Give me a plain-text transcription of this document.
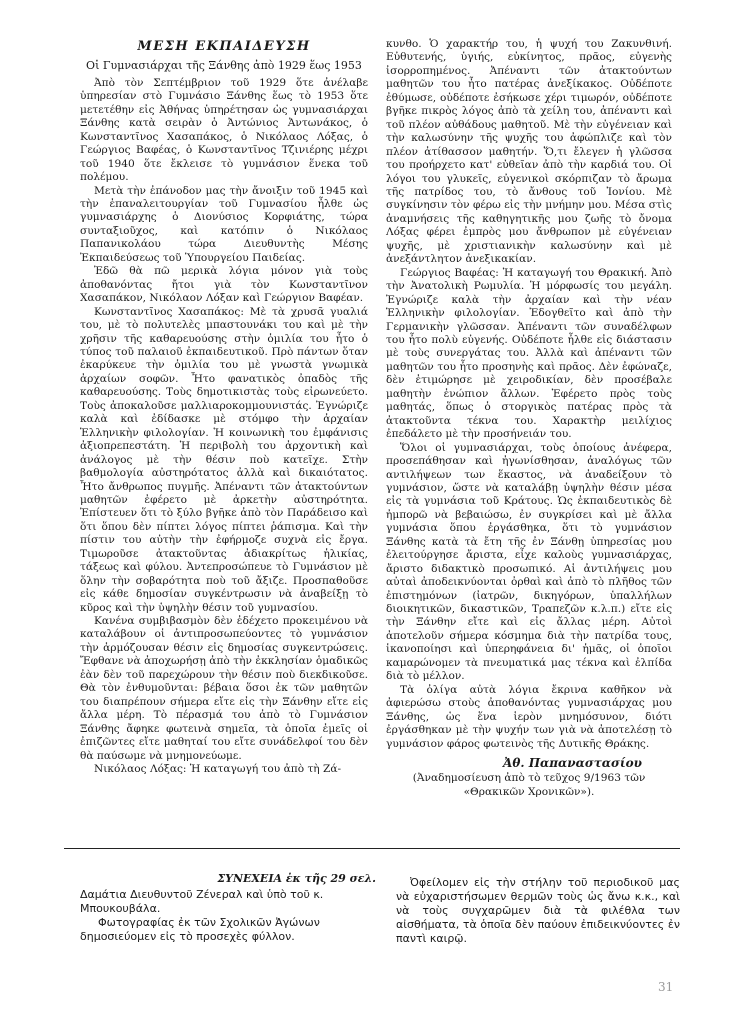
ΜΕΣΗ ΕΚΠΑΙΔΕΥΣΗ
Οἱ Γυμνασιάρχαι τῆς Ξάνθης ἀπὸ 1929 ἕως 1953

Ἀπὸ τὸν Σεπτέμβριον τοῦ 1929 ὅτε ἀνέλαβε ὑπηρεσίαν στὸ Γυμνάσιο Ξάνθης ἕως τὸ 1953 ὅτε μετετέθην εἰς Ἀθήνας ὑπηρέτησαν ὡς γυμνασιάρχαι Ξάνθης κατὰ σειρὰν ὁ Ἀντώνιος Ἀντωνάκος, ὁ Κωνσταντῖνος Χασαπάκος, ὁ Νικόλαος Λόξας, ὁ Γεώργιος Βαφέας, ὁ Κωνσταντῖνος Τζινιέρης μέχρι τοῦ 1940 ὅτε ἔκλεισε τὸ γυμνάσιον ἕνεκα τοῦ πολέμου.

Μετὰ τὴν ἐπάνοδον μας τὴν ἄνοιξιν τοῦ 1945 καὶ τὴν ἐπαναλειτουργίαν τοῦ Γυμνασίου ἦλθε ὡς γυμνασιάρχης ὁ Διονύσιος Κορφιάτης, τώρα συνταξιοῦχος, καὶ κατόπιν ὁ Νικόλαος Παπανικολάου τώρα Διευθυντὴς Μέσης Ἐκπαιδεύσεως τοῦ Ὑπουργείου Παιδείας.

Ἐδῶ θὰ πῶ μερικὰ λόγια μόνον γιὰ τοὺς ἀποθανόντας ἤτοι γιὰ τὸν Κωνσταντῖνον Χασαπάκον, Νικόλαον Λόξαν καὶ Γεώργιον Βαφέαν.

Κωνσταντῖνος Χασαπάκος: Μὲ τὰ χρυσᾶ γυαλιά του, μὲ τὸ πολυτελὲς μπαστουνάκι του καὶ μὲ τὴν χρῆσιν τῆς καθαρευούσης στὴν ὁμιλία του ἦτο ὁ τύπος τοῦ παλαιοῦ ἐκπαιδευτικοῦ. Πρὸ πάντων ὅταν ἐκαρύκευε τὴν ὁμιλία του μὲ γνωστὰ γνωμικὰ ἀρχαίων σοφῶν. Ἦτο φανατικὸς ὀπαδὸς τῆς καθαρευούσης. Τοὺς δημοτικιστὰς τοὺς εἰρωνεύετο. Τοὺς ἀποκαλοῦσε μαλλιαροκομμουνιστάς. Ἐγνώριζε καλὰ καὶ ἐδίδασκε μὲ στόμφο τὴν ἀρχαίαν Ἑλληνικὴν φιλολογίαν. Ἡ κοινωνικὴ του ἐμφάνισις ἀξιοπρεπεστάτη. Ἡ περιβολὴ του ἀρχοντικὴ καὶ ἀνάλογος μὲ τὴν θέσιν ποὺ κατεῖχε. Στὴν βαθμολογία αὐστηρότατος ἀλλὰ καὶ δικαιότατος. Ἦτο ἄνθρωπος πυγμῆς. Ἀπέναντι τῶν ἀτακτούντων μαθητῶν ἐφέρετο μὲ ἀρκετὴν αὐστηρότητα. Ἐπίστευεν ὅτι τὸ ξύλο βγῆκε ἀπὸ τὸν Παράδεισο καὶ ὅτι ὅπου δὲν πίπτει λόγος πίπτει ῥάπισμα. Καὶ τὴν πίστιν του αὐτὴν τὴν ἐφήρμοζε συχνὰ εἰς ἔργα. Τιμωροῦσε ἀτακτοῦντας ἀδιακρίτως ἡλικίας, τάξεως καὶ φύλου. Ἀντεπροσώπευε τὸ Γυμνάσιον μὲ ὅλην τὴν σοβαρότητα ποὺ τοῦ ἄξιζε. Προσπαθοῦσε εἰς κάθε δημοσίαν συγκέντρωσιν νὰ ἀναβείξῃ τὸ κῦρος καὶ τὴν ὑψηλὴν θέσιν τοῦ γυμνασίου.

Κανένα συμβιβασμὸν δὲν ἐδέχετο προκειμένου νὰ καταλάβουν οἱ ἀντιπροσωπεύοντες τὸ γυμνάσιον τὴν ἁρμόζουσαν θέσιν εἰς δημοσίας συγκεντρώσεις. Ἔφθανε νὰ ἀποχωρήσῃ ἀπὸ τὴν ἐκκλησίαν ὁμαδικῶς ἐὰν δὲν τοῦ παρεχώρουν τὴν θέσιν ποὺ διεκδικοῦσε. Θὰ τὸν ἐνθυμοῦνται: βέβαια ὅσοι ἐκ τῶν μαθητῶν του διαπρέπουν σήμερα εἴτε εἰς τὴν Ξάνθην εἴτε εἰς ἄλλα μέρη. Τὸ πέρασμά του ἀπὸ τὸ Γυμνάσιον Ξάνθης ἄφηκε φωτεινὰ σημεῖα, τὰ ὁποῖα ἐμεῖς οἱ ἐπιζῶντες εἴτε μαθηταί του εἴτε συνάδελφοί του δὲν θὰ παύσωμε νὰ μνημονεύωμε.

Νικόλαος Λόξας: Ἡ καταγωγή του ἀπὸ τὴ Ζά-

κυνθο. Ὁ χαρακτήρ του, ἡ ψυχή του Ζακυνθινή. Εὐθυτενής, ὑγιής, εὐκίνητος, πρᾶος, εὐγενὴς ἰσορροπημένος. Ἀπέναντι τῶν ἀτακτούντων μαθητῶν του ἦτο πατέρας ἀνεξίκακος. Οὐδέποτε ἐθύμωσε, οὐδέποτε ἐσήκωσε χέρι τιμωρόν, οὐδέποτε βγῆκε πικρὸς λόγος ἀπὸ τὰ χείλη του, ἀπέναντι καὶ τοῦ πλέον αὐθάδους μαθητοῦ. Μὲ τὴν εὐγένειαν καὶ τὴν καλωσύνην τῆς ψυχῆς του ἀφώπλιζε καὶ τὸν πλέον ἀτίθασσον μαθητήν. Ὅ,τι ἔλεγεν ἡ γλῶσσα του προήρχετο κατ' εὐθεῖαν ἀπὸ τὴν καρδιά του. Οἱ λόγοι του γλυκεῖς, εὐγενικοὶ σκόρπιζαν τὸ ἄρωμα τῆς πατρίδος του, τὸ ἄνθους τοῦ Ἰονίου. Μὲ συγκίνησιν τὸν φέρω εἰς τὴν μνήμην μου. Μέσα στὶς ἀναμνήσεις τῆς καθηγητικῆς μου ζωῆς τὸ ὄνομα Λόξας φέρει ἐμπρὸς μου ἄνθρωπον μὲ εὐγένειαν ψυχῆς, μὲ χριστιανικὴν καλωσύνην καὶ μὲ ἀνεξάντλητον ἀνεξικακίαν.

Γεώργιος Βαφέας: Ἡ καταγωγή του Θρακική. Ἀπὸ τὴν Ἀνατολικὴ Ρωμυλία. Ἡ μόρφωσίς του μεγάλη. Ἐγνώριζε καλὰ τὴν ἀρχαίαν καὶ τὴν νέαν Ἑλληνικὴν φιλολογίαν. Ἐδογθεῖτο καὶ ἀπὸ τὴν Γερμανικὴν γλῶσσαν. Ἀπέναντι τῶν συναδέλφων του ἦτο πολὺ εὐγενής. Οὐδέποτε ἦλθε εἰς διάστασιν μὲ τοὺς συνεργάτας του. Ἀλλὰ καὶ ἀπέναντι τῶν μαθητῶν του ἦτο προσηνὴς καὶ πρᾶος. Δὲν ἐφώναζε, δὲν ἐτιμώρησε μὲ χειροδικίαν, δὲν προσέβαλε μαθητὴν ἐνώπιον ἄλλων. Ἐφέρετο πρὸς τοὺς μαθητάς, ὅπως ὁ στοργικὸς πατέρας πρὸς τὰ ἀτακτοῦντα τέκνα του. Χαρακτὴρ μειλίχιος ἐπεδάλετο μὲ τὴν προσήνειάν του.

Ὅλοι οἱ γυμνασιάρχαι, τοὺς ὁποίους ἀνέφερα, προσεπάθησαν καὶ ἠγωνίσθησαν, ἀναλόγως τῶν αντιλήψεων των ἕκαστος, νὰ ἀναδείξουν τὸ γυμνάσιον, ὥστε νὰ καταλάβῃ ὑψηλὴν θέσιν μέσα εἰς τὰ γυμνάσια τοῦ Κράτους. Ὡς ἐκπαιδευτικὸς δὲ ἠμπορῶ νὰ βεβαιώσω, ἐν συγκρίσει καὶ μὲ ἄλλα γυμνάσια ὅπου ἐργάσθηκα, ὅτι τὸ γυμνάσιον Ξάνθης κατὰ τὰ ἔτη τῆς ἐν Ξάνθῃ ὑπηρεσίας μου ἐλειτούργησε ἄριστα, εἶχε καλοὺς γυμνασιάρχας, ἄριστο διδακτικὸ προσωπικό. Αἱ ἀντιλήψεις μου αὐταὶ ἀποδεικνύονται ὀρθαὶ καὶ ἀπὸ τὸ πλῆθος τῶν ἐπιστημόνων (ἰατρῶν, δικηγόρων, ὑπαλλήλων διοικητικῶν, δικαστικῶν, Τραπεζῶν κ.λ.π.) εἴτε εἰς τὴν Ξάνθην εἴτε καὶ εἰς ἄλλας μέρη. Αὐτοὶ ἀποτελοῦν σήμερα κόσμημα διὰ τὴν πατρίδα τους, ἱκανοποίησι καὶ ὑπερηφάνεια δι' ἡμᾶς, οἱ ὁποῖοι καμαρώνομεν τὰ πνευματικά μας τέκνα καὶ ἐλπίδα διὰ τὸ μέλλον.

Τὰ ὀλίγα αὐτὰ λόγια ἔκρινα καθῆκον νὰ ἀφιερώσω στοὺς ἀποθανόντας γυμνασιάρχας μου Ξάνθης, ὡς ἕνα ἱερὸν μνημόσυνον, διότι ἐργάσθηκαν μὲ τὴν ψυχήν των γιὰ νὰ ἀποτελέσῃ τὸ γυμνάσιον φάρος φωτεινὸς τῆς Δυτικῆς Θράκης.

Ἀθ. Παπαναστασίου
(Ἀναδημοσίευση ἀπὸ τὸ τεῦχος 9/1963 τῶν «Θρακικῶν Χρονικῶν»).
ΣΥΝΕΧΕΙΑ ἐκ τῆς 29 σελ.

Δαμάτια Διευθυντοῦ Ζένεραλ καὶ ὑπὸ τοῦ κ. Μπουκουβάλα.

Φωτογραφίας ἐκ τῶν Σχολικῶν Ἀγώνων δημοσιεύομεν εἰς τὸ προσεχὲς φύλλον.

Ὀφείλομεν εἰς τὴν στήλην τοῦ περιοδικοῦ μας νὰ εὐχαριστήσωμεν θερμῶν τοὺς ὡς ἄνω κ.κ., καὶ νὰ τοὺς συγχαρῶμεν διὰ τὰ φιλέθλα των αἰσθήματα, τὰ ὁποῖα δὲν παύουν ἐπιδεικνύοντες ἐν παντὶ καιρῷ.

31
